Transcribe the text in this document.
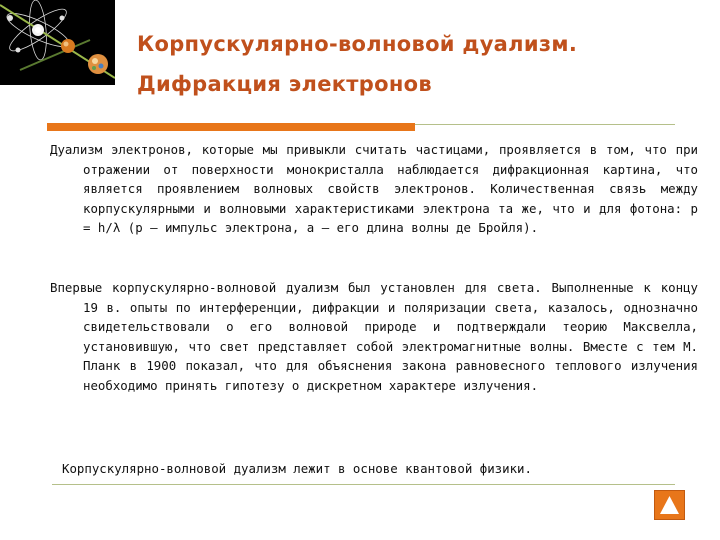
Корпускулярно-волновой дуализм.
Дифракция электронов

Дуализм электронов, которые мы привыкли считать частицами, проявляется в том, что при отражении от поверхности монокристалла наблюдается дифракционная картина, что является проявлением волновых свойств электронов. Количественная связь между корпускулярными и волновыми характеристиками электрона та же, что и для фотона: p = h/λ (p – импульс электрона, a – его длина волны де Бройля).

Впервые корпускулярно-волновой дуализм был установлен для света. Выполненные к концу 19 в. опыты по интерференции, дифракции и поляризации света, казалось, однозначно свидетельствовали о его волновой природе и подтверждали теорию Максвелла, установившую, что свет представляет собой электромагнитные волны. Вместе с тем М. Планк в 1900 показал, что для объяснения закона равновесного теплового излучения необходимо принять гипотезу о дискретном характере излучения.

Корпускулярно-волновой дуализм лежит в основе квантовой физики.
